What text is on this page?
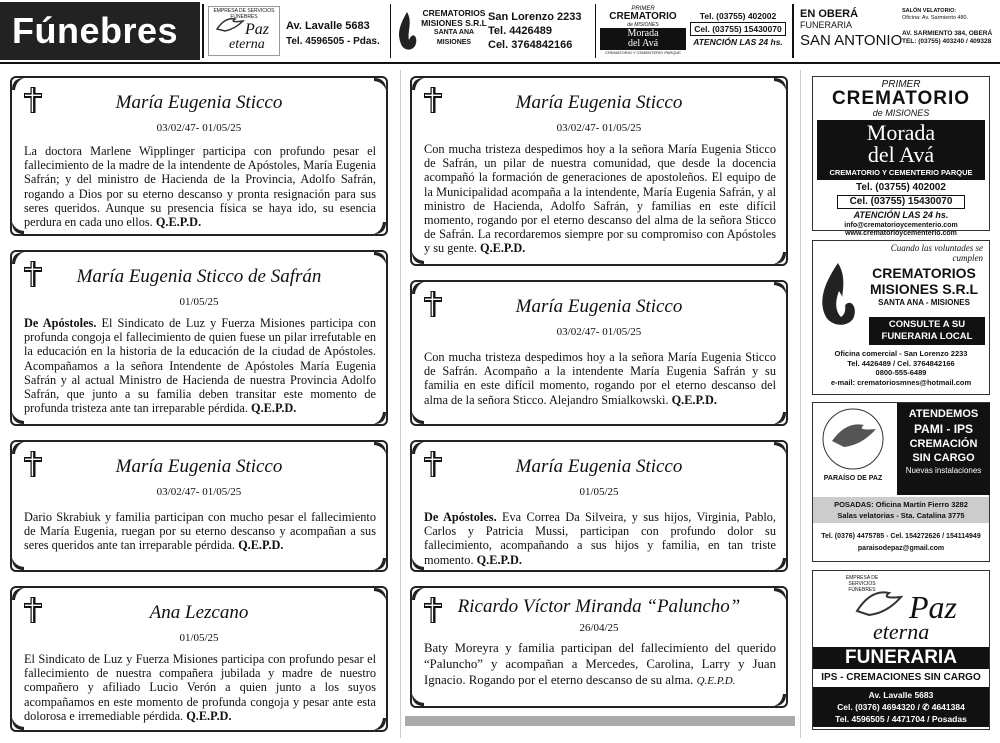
Fúnebres	EMPRESA DE SERVICIOS FÚNEBRES
Paz
eterna
Av. Lavalle 5683
Tel. 4596505 - Pdas.
CREMATORIOS
MISIONES S.R.L
SANTA ANA
MISIONES
San Lorenzo 2233
Tel. 4426489
Cel. 3764842166
PRIMER
CREMATORIO
de MISIONES
Morada
del Avá
CREMATORIO Y CEMENTERIO PARQUE
Tel. (03755) 402002
Cel. (03755) 15430070
ATENCIÓN LAS 24 hs.
EN OBERÁ
FUNERARIA
SAN ANTONIO
SALÓN VELATORIO:
Oficina: Av. Sarmiento 480.
AV. SARMIENTO 384, OBERÁ
TEL: (03755) 403240 / 409328
María Eugenia Sticco
03/02/47- 01/05/25
La doctora Marlene Wipplinger participa con profundo pesar el fallecimiento de la madre de la intendente de Apóstoles, María Eugenia Safrán; y del ministro de Hacienda de la Provincia, Adolfo Safrán, rogando a Dios por su eterno descanso y pronta resignación para sus seres queridos. Aunque su presencia física se haya ido, su esencia perdura en cada uno ellos. Q.E.P.D.
María Eugenia Sticco de Safrán
01/05/25
De Apóstoles. El Sindicato de Luz y Fuerza Misiones participa con profunda congoja el fallecimiento de quien fuese un pilar irrefutable en la educación en la historia de la educación de la ciudad de Apóstoles. Acompañamos a la señora Intendente de Apóstoles María Eugenia Safrán y al actual Ministro de Hacienda de nuestra Provincia Adolfo Safrán, que junto a su familia deben transitar este momento de profunda tristeza ante tan irreparable pérdida. Q.E.P.D.
María Eugenia Sticco
03/02/47- 01/05/25
Dario Skrabiuk y familia participan con mucho pesar el fallecimiento de María Eugenia, ruegan por su eterno descanso y acompañan a sus seres queridos ante tan irreparable pérdida. Q.E.P.D.
Ana Lezcano
01/05/25
El Sindicato de Luz y Fuerza Misiones participa con profundo pesar el fallecimiento de nuestra compañera jubilada y madre de nuestro compañero y afiliado Lucio Verón a quien junto a los suyos acompañamos en este momento de profunda congoja y pesar ante esta dolorosa e irremediable pérdida. Q.E.P.D.
María Eugenia Sticco
03/02/47- 01/05/25
Con mucha tristeza despedimos hoy a la señora María Eugenia Sticco de Safrán, un pilar de nuestra comunidad, que desde la docencia acompañó la formación de generaciones de apostoleños. El equipo de la Municipalidad acompaña a la intendente, María Eugenia Safrán, y al ministro de Hacienda, Adolfo Safrán, y familias en este difícil momento, rogando por el eterno descanso del alma de la señora Sticco de Safrán. La recordaremos siempre por su compromiso con Apóstoles y su gente. Q.E.P.D.
María Eugenia Sticco
03/02/47- 01/05/25
Con mucha tristeza despedimos hoy a la señora María Eugenia Sticco de Safrán. Acompaño a la intendente María Eugenia Safrán y su familia en este difícil momento, rogando por el eterno descanso del alma de la señora Sticco. Alejandro Smialkowski. Q.E.P.D.
María Eugenia Sticco
01/05/25
De Apóstoles. Eva Correa Da Silveira, y sus hijos, Virginia, Pablo, Carlos y Patricia Mussi, participan con profundo dolor su fallecimiento, acompañando a sus hijos y familia, en tan triste momento. Q.E.P.D.
Ricardo Víctor Miranda “Paluncho”
26/04/25
Baty Moreyra y familia participan del fallecimiento del querido “Paluncho” y acompañan a Mercedes, Carolina, Larry y Juan Ignacio. Rogando por el eterno descanso de su alma. Q.E.P.D.
PRIMER
CREMATORIO
de MISIONES
Morada
del Avá
CREMATORIO Y CEMENTERIO PARQUE
Tel. (03755) 402002
Cel. (03755) 15430070
ATENCIÓN LAS 24 hs.
info@crematorioycementerio.com
www.crematorioycementerio.com
Cuando las voluntades se cumplen
CREMATORIOS
MISIONES S.R.L
SANTA ANA - MISIONES
CONSULTE A SU
FUNERARIA LOCAL
Oficina comercial - San Lorenzo 2233
Tel. 4426489 / Cel. 3764842166
0800-555-6489
e-mail: crematoriosmnes@hotmail.com
PARAÍSO DE PAZ
ATENDEMOS
PAMI - IPS
CREMACIÓN
SIN CARGO
Nuevas instalaciones
POSADAS: Oficina Martín Fierro 3282
Salas velatorias - Sta. Catalina 3775
Tel. (0376) 4475785 - Cel. 154272626 / 154114949
paraisodepaz@gmail.com
EMPRESA DE SERVICIOS FÚNEBRES	Paz
eterna
FUNERARIA
IPS - CREMACIONES SIN CARGO
Av. Lavalle 5683
Cel. (0376) 4694320 / ✆ 4641384
Tel. 4596505 / 4471704 / Posadas
